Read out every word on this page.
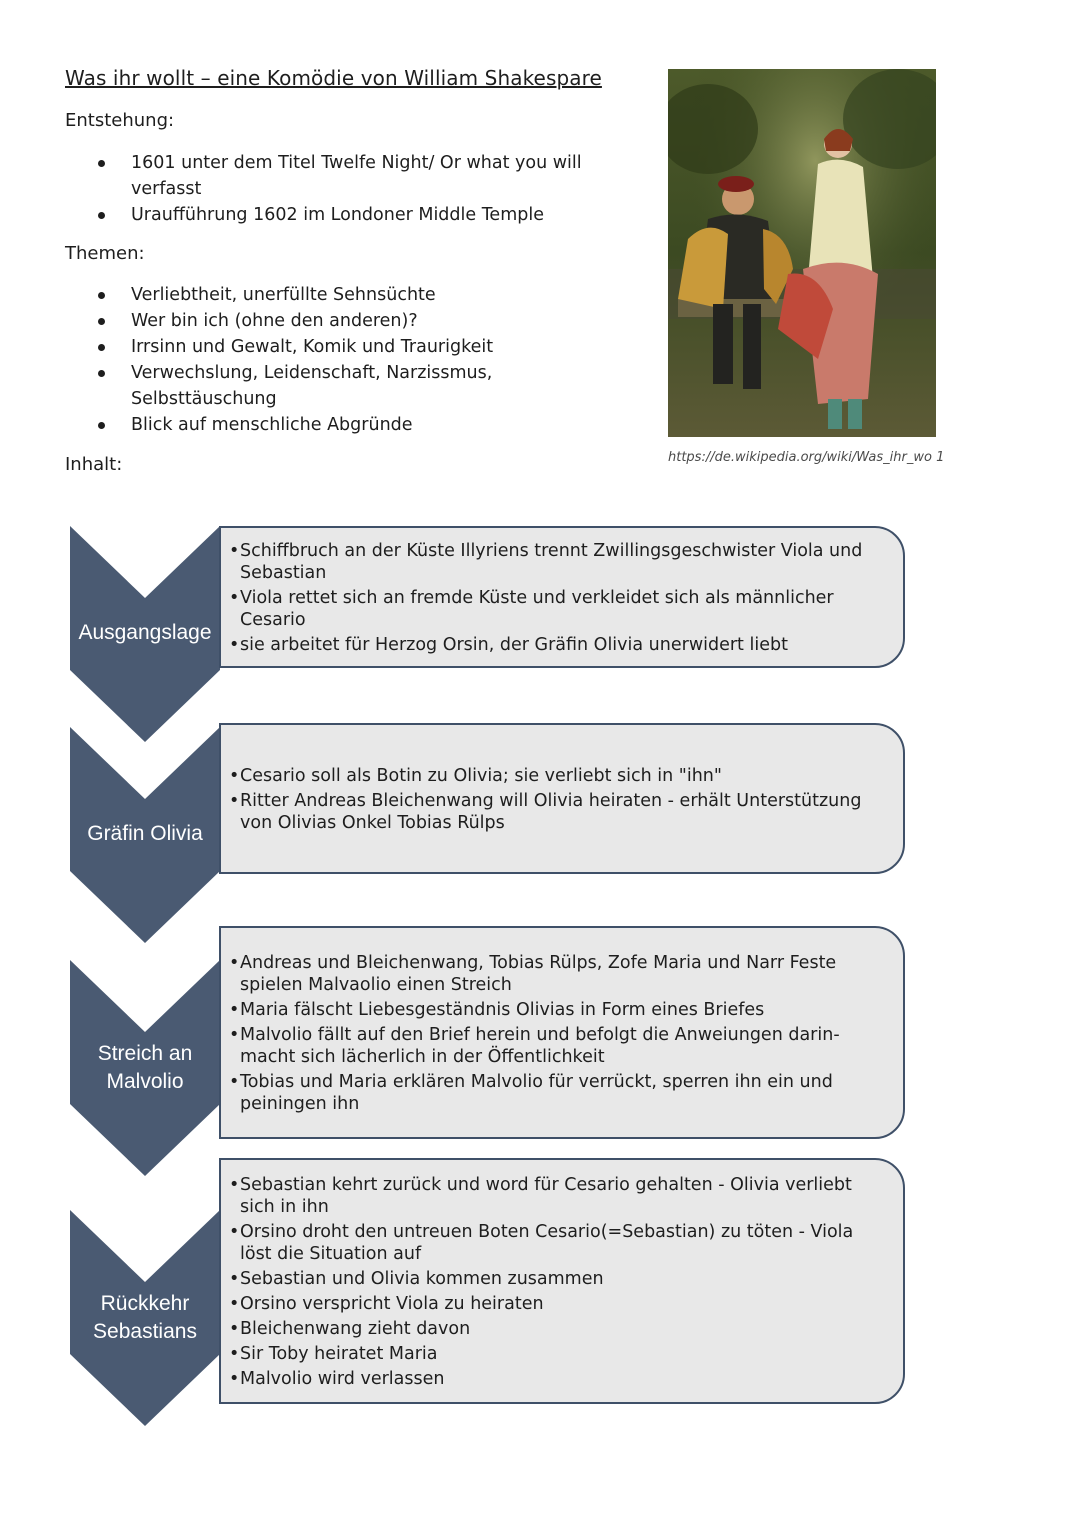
Was ihr wollt – eine Komödie von William Shakespare
Entstehung:
1601 unter dem Titel Twelfe Night/ Or what you will verfasst
Uraufführung 1602 im Londoner Middle Temple
Themen:
Verliebtheit, unerfüllte Sehnsüchte
Wer bin ich (ohne den anderen)?
Irrsinn und Gewalt, Komik und Traurigkeit
Verwechslung, Leidenschaft, Narzissmus, Selbsttäuschung
Blick auf menschliche Abgründe
Inhalt:	https://de.wikipedia.org/wiki/Was_ihr_wo 1
Ausgangslage
• Schiffbruch an der Küste Illyriens trennt Zwillingsgeschwister Viola und Sebastian
• Viola rettet sich an fremde Küste und verkleidet sich als männlicher Cesario
• sie arbeitet für Herzog Orsin, der Gräfin Olivia unerwidert liebt
Gräfin Olivia
• Cesario soll als Botin zu Olivia; sie verliebt sich in "ihn"
• Ritter Andreas Bleichenwang will Olivia heiraten - erhält Unterstützung von Olivias Onkel Tobias Rülps
Streich an
Malvolio
• Andreas und Bleichenwang, Tobias Rülps, Zofe Maria und Narr Feste spielen Malvaolio einen Streich
• Maria fälscht Liebesgeständnis Olivias in Form eines Briefes
• Malvolio fällt auf den Brief herein und befolgt die Anweiungen darin- macht sich lächerlich in der Öffentlichkeit
• Tobias und Maria erklären Malvolio für verrückt, sperren ihn ein und peiningen ihn
Rückkehr
Sebastians
• Sebastian kehrt zurück und word für Cesario gehalten - Olivia verliebt sich in ihn
• Orsino droht den untreuen Boten Cesario(=Sebastian) zu töten - Viola löst die Situation auf
• Sebastian und Olivia kommen zusammen
• Orsino verspricht Viola zu heiraten
• Bleichenwang zieht davon
• Sir Toby heiratet Maria
• Malvolio wird verlassen
